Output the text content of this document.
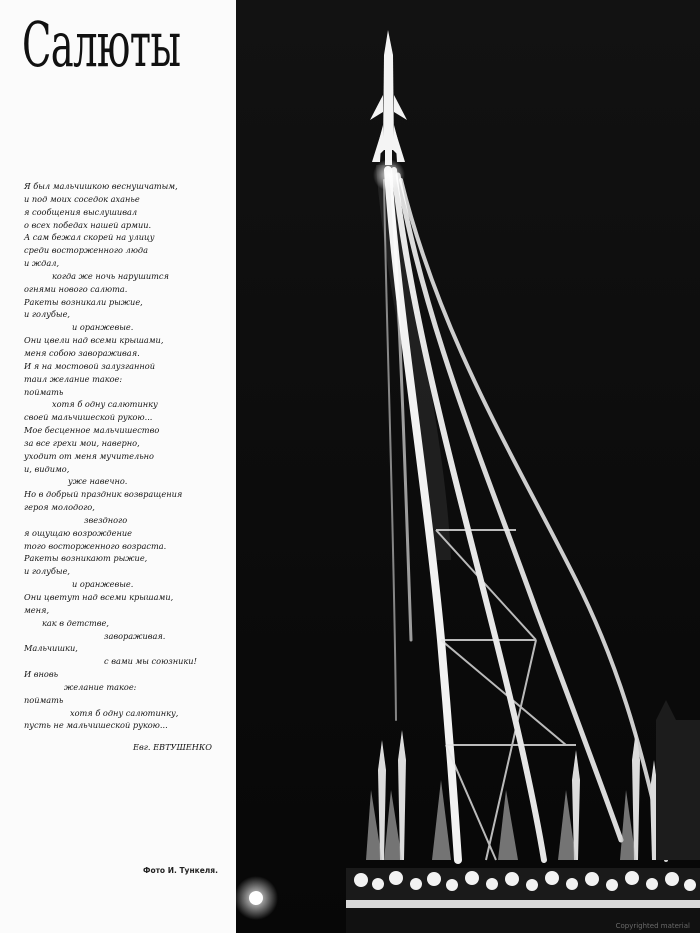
Салюты
Я был мальчишкою веснушчатым,
и под моих соседок аханье
я сообщения выслушивал
о всех победах нашей армии.
А сам бежал скорей на улицу
среди восторженного люда
и ждал,
когда же ночь нарушится
огнями нового салюта.
Ракеты возникали рыжие,
и голубые,
и оранжевые.
Они цвели над всеми крышами,
меня собою завораживая.
И я на мостовой залузганной
таил желание такое:
поймать
хотя б одну салютинку
своей мальчишеской рукою...
Мое бесценное мальчишество
за все грехи мои, наверно,
уходит от меня мучительно
и, видимо,
уже навечно.
Но в добрый праздник возвращения
героя молодого,
звездного
я ощущаю возрождение
того восторженного возраста.
Ракеты возникают рыжие,
и голубые,
и оранжевые.
Они цветут над всеми крышами,
меня,
как в детстве,
завораживая.
Мальчишки,
с вами мы союзники!
И вновь
желание такое:
поймать
хотя б одну салютинку,
пусть не мальчишеской рукою...
Евг. ЕВТУШЕНКО
Фото И. Тункеля.
Copyrighted material
